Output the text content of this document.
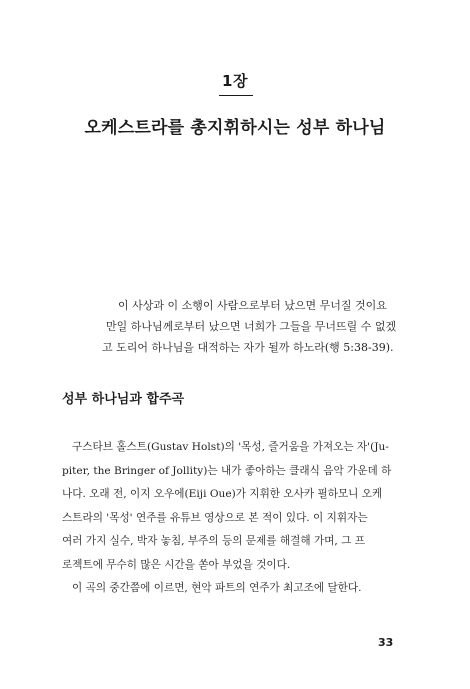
1장
오케스트라를 총지휘하시는 성부 하나님
이 사상과 이 소행이 사람으로부터 났으면 무너질 것이요
만일 하나님께로부터 났으면 너희가 그들을 무너뜨릴 수 없겠
고 도리어 하나님을 대적하는 자가 될까 하노라(행 5:38-39).
성부 하나님과 합주곡
구스타브 홀스트(Gustav Holst)의 '목성, 즐거움을 가져오는 자'(Ju-
piter, the Bringer of Jollity)는 내가 좋아하는 클래식 음악 가운데 하
나다. 오래 전, 이지 오우에(Eiji Oue)가 지휘한 오사카 필하모니 오케
스트라의 '목성' 연주를 유튜브 영상으로 본 적이 있다. 이 지휘자는
여러 가지 실수, 박자 놓침, 부주의 등의 문제를 해결해 가며, 그 프
로젝트에 무수히 많은 시간을 쏟아 부었을 것이다.
이 곡의 중간쯤에 이르면, 현악 파트의 연주가 최고조에 달한다.
33
